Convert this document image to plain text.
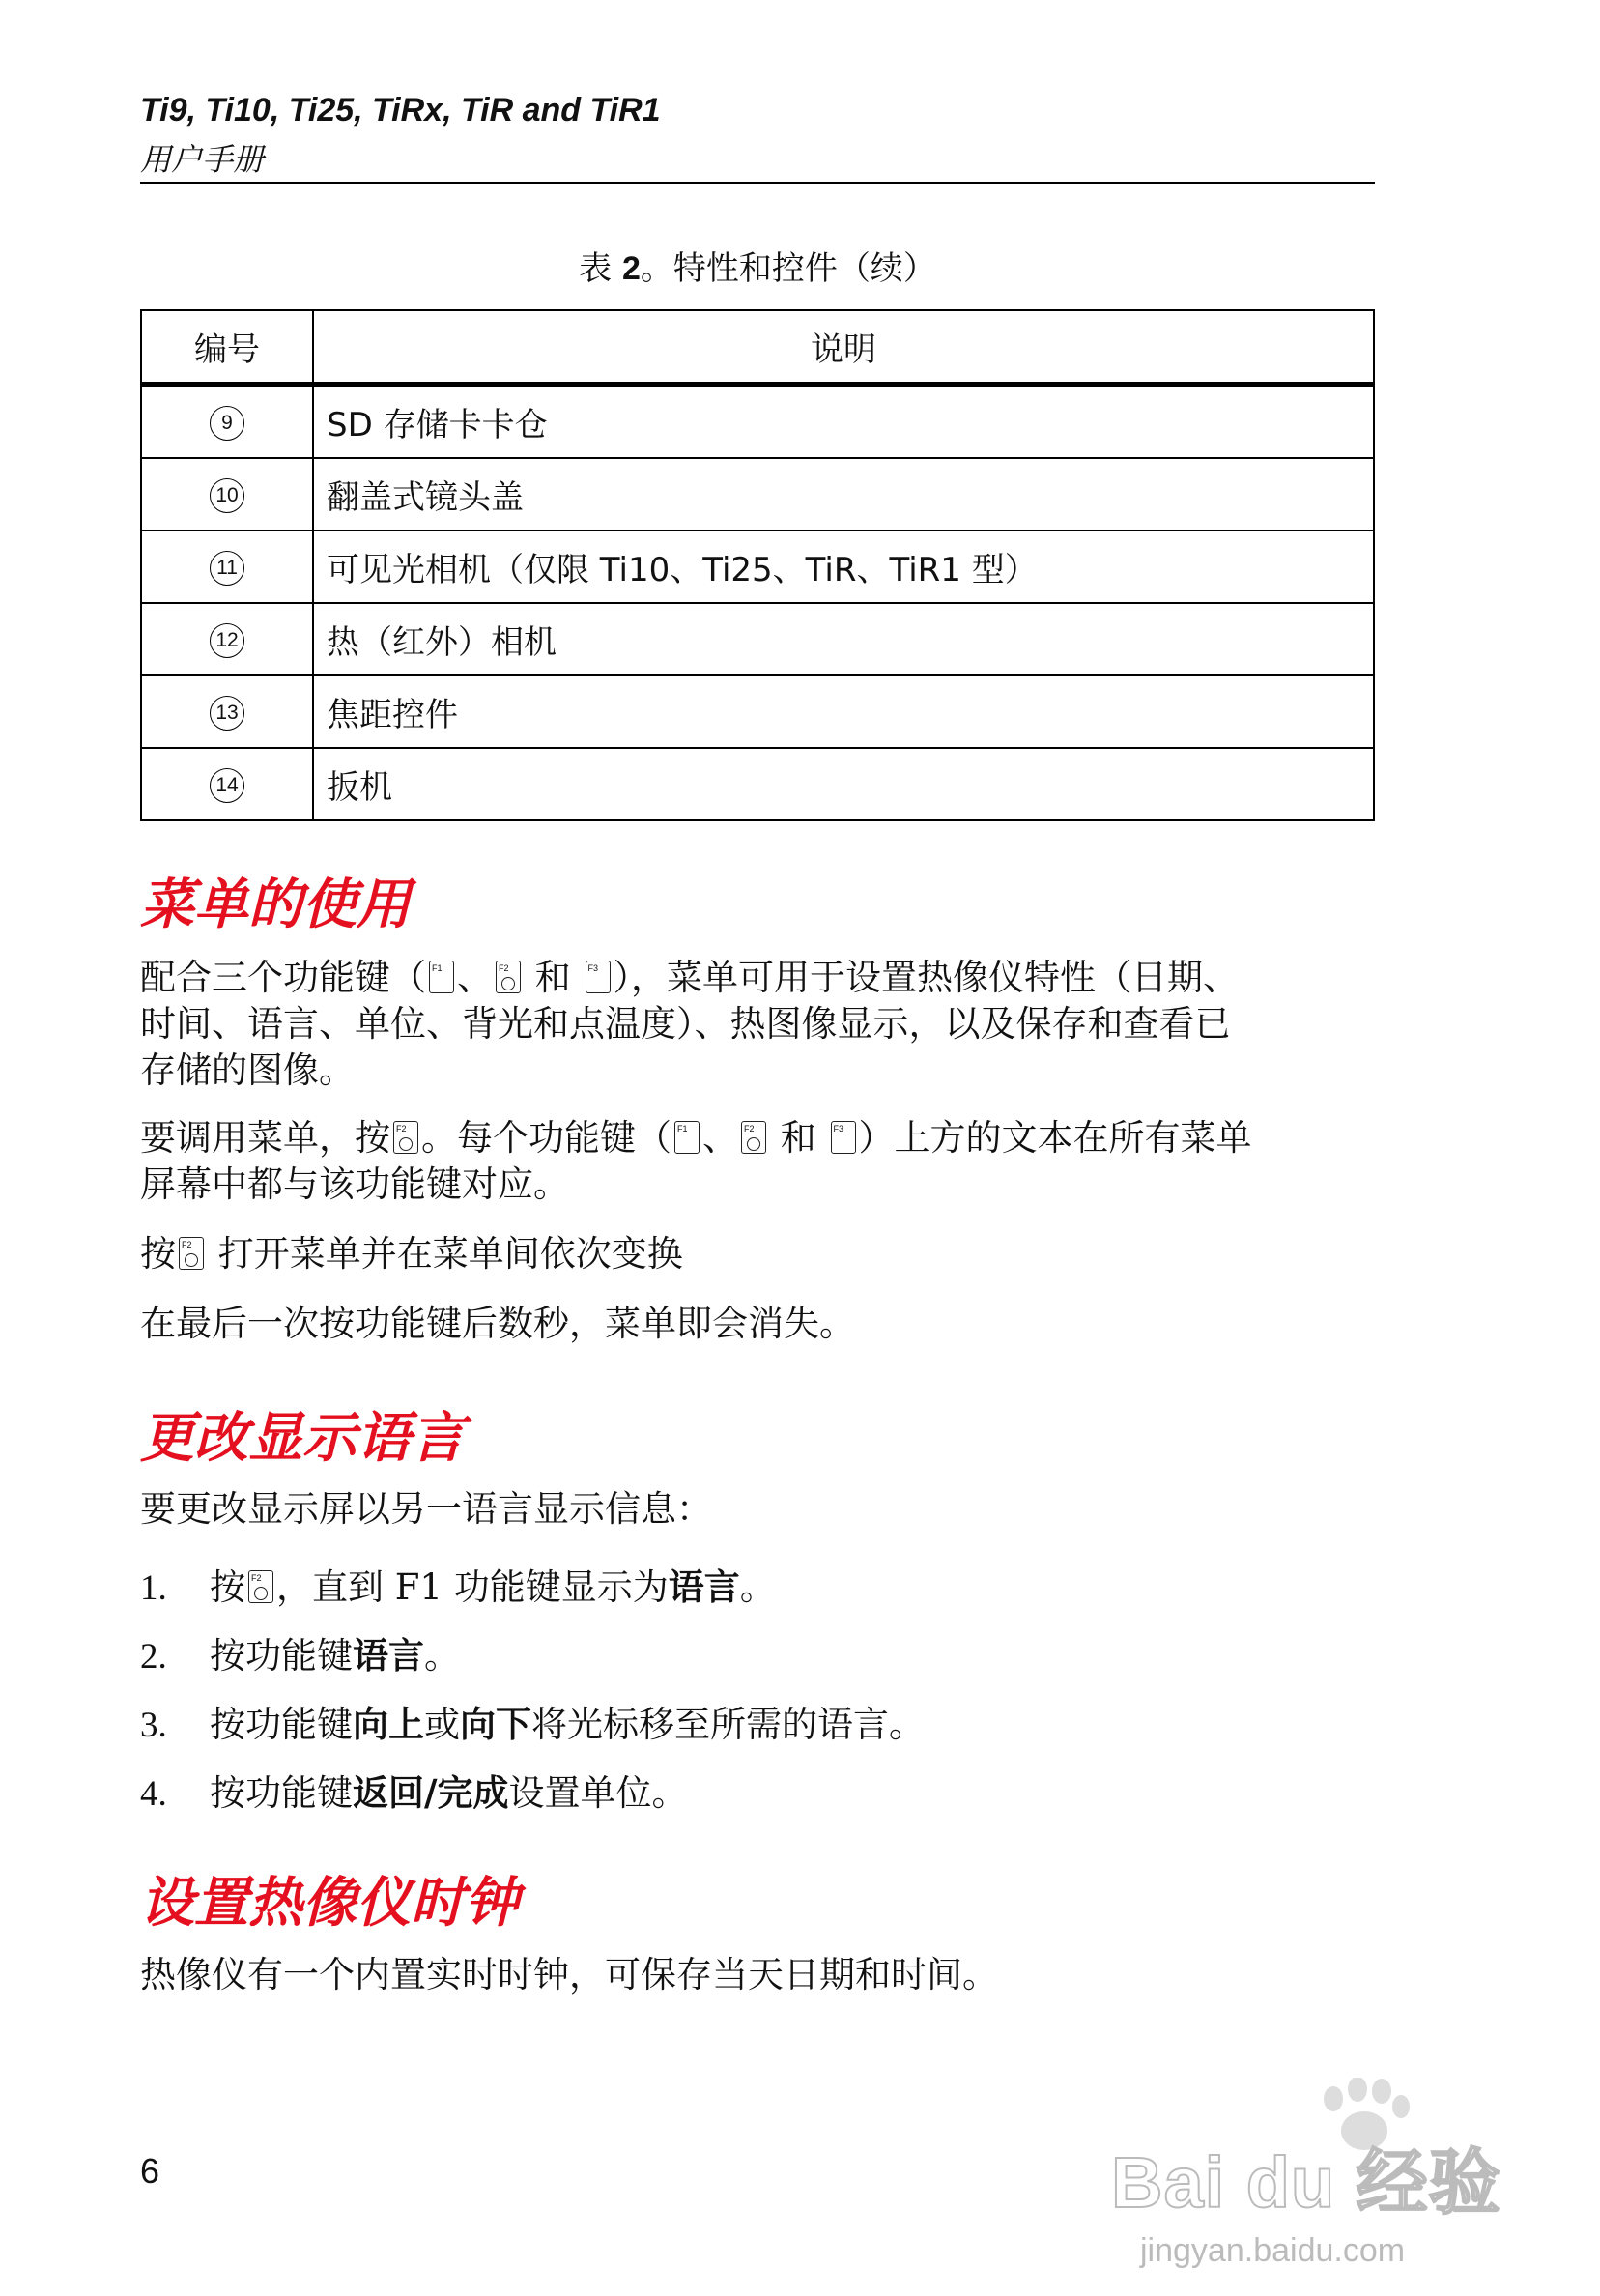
Ti9, Ti10, Ti25, TiRx, TiR and TiR1
用户手册
表 2。特性和控件（续）
编号	说明
9	SD 存储卡卡仓
10	翻盖式镜头盖
11	可见光相机（仅限 Ti10、Ti25、TiR、TiR1 型）
12	热（红外）相机
13	焦距控件
14	扳机
菜单的使用
配合三个功能键（ F1 、 F2 和 F3 ），菜单可用于设置热像仪特性（日期、
时间、语言、单位、背光和点温度）、热图像显示，以及保存和查看已
存储的图像。
要调用菜单，按 F2 。每个功能键（ F1 、 F2 和 F3 ）上方的文本在所有菜单
屏幕中都与该功能键对应。
按 F2 打开菜单并在菜单间依次变换
在最后一次按功能键后数秒，菜单即会消失。
更改显示语言
要更改显示屏以另一语言显示信息：
1. 按 F2 ，直到 F1 功能键显示为语言。
2. 按功能键语言。
3. 按功能键向上或向下将光标移至所需的语言。
4. 按功能键返回/完成设置单位。
设置热像仪时钟
热像仪有一个内置实时时钟，可保存当天日期和时间。
6	Bai du 经验
jingyan.baidu.com
